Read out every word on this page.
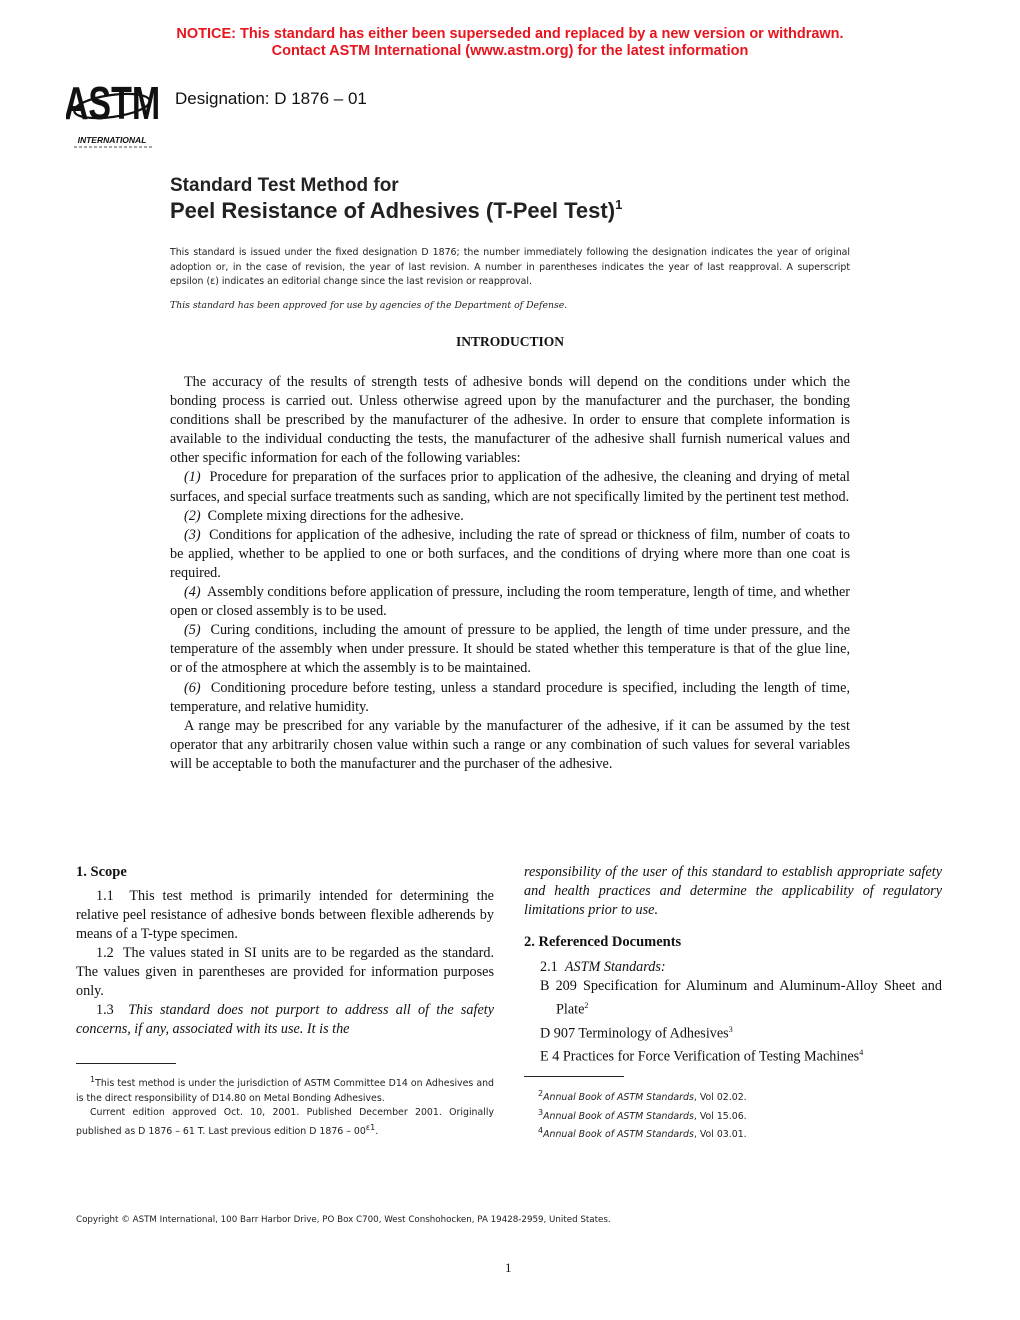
NOTICE: This standard has either been superseded and replaced by a new version or withdrawn.
Contact ASTM International (www.astm.org) for the latest information
ASTM
INTERNATIONAL
Designation: D 1876 – 01
Standard Test Method for
Peel Resistance of Adhesives (T-Peel Test)$^1$
This standard is issued under the fixed designation D 1876; the number immediately following the designation indicates the year of original adoption or, in the case of revision, the year of last revision. A number in parentheses indicates the year of last reapproval. A superscript epsilon (ε) indicates an editorial change since the last revision or reapproval.
This standard has been approved for use by agencies of the Department of Defense.
INTRODUCTION

The accuracy of the results of strength tests of adhesive bonds will depend on the conditions under which the bonding process is carried out. Unless otherwise agreed upon by the manufacturer and the purchaser, the bonding conditions shall be prescribed by the manufacturer of the adhesive. In order to ensure that complete information is available to the individual conducting the tests, the manufacturer of the adhesive shall furnish numerical values and other specific information for each of the following variables:

(1) Procedure for preparation of the surfaces prior to application of the adhesive, the cleaning and drying of metal surfaces, and special surface treatments such as sanding, which are not specifically limited by the pertinent test method.

(2) Complete mixing directions for the adhesive.

(3) Conditions for application of the adhesive, including the rate of spread or thickness of film, number of coats to be applied, whether to be applied to one or both surfaces, and the conditions of drying where more than one coat is required.

(4) Assembly conditions before application of pressure, including the room temperature, length of time, and whether open or closed assembly is to be used.

(5) Curing conditions, including the amount of pressure to be applied, the length of time under pressure, and the temperature of the assembly when under pressure. It should be stated whether this temperature is that of the glue line, or of the atmosphere at which the assembly is to be maintained.

(6) Conditioning procedure before testing, unless a standard procedure is specified, including the length of time, temperature, and relative humidity.

A range may be prescribed for any variable by the manufacturer of the adhesive, if it can be assumed by the test operator that any arbitrarily chosen value within such a range or any combination of such values for several variables will be acceptable to both the manufacturer and the purchaser of the adhesive.

1. Scope

1.1 This test method is primarily intended for determining the relative peel resistance of adhesive bonds between flexible adherends by means of a T-type specimen.

1.2 The values stated in SI units are to be regarded as the standard. The values given in parentheses are provided for information purposes only.

1.3 This standard does not purport to address all of the safety concerns, if any, associated with its use. It is the

$^1$This test method is under the jurisdiction of ASTM Committee D14 on Adhesives and is the direct responsibility of D14.80 on Metal Bonding Adhesives.

Current edition approved Oct. 10, 2001. Published December 2001. Originally published as D 1876 – 61 T. Last previous edition D $1876 - 00^{\varepsilon 1}$.

responsibility of the user of this standard to establish appropriate safety and health practices and determine the applicability of regulatory limitations prior to use.
2. Referenced Documents
2.1 ASTM Standards:
B 209 Specification for Aluminum and Aluminum-Alloy Sheet and Plate$^2$
D 907 Terminology of Adhesives$^3$
E 4 Practices for Force Verification of Testing Machines$^4$
$^2$Annual Book of ASTM Standards, Vol 02.02.
$^3$Annual Book of ASTM Standards, Vol 15.06.
$^4$Annual Book of ASTM Standards, Vol 03.01.
Copyright © ASTM International, 100 Barr Harbor Drive, PO Box C700, West Conshohocken, PA 19428-2959, United States.
1
